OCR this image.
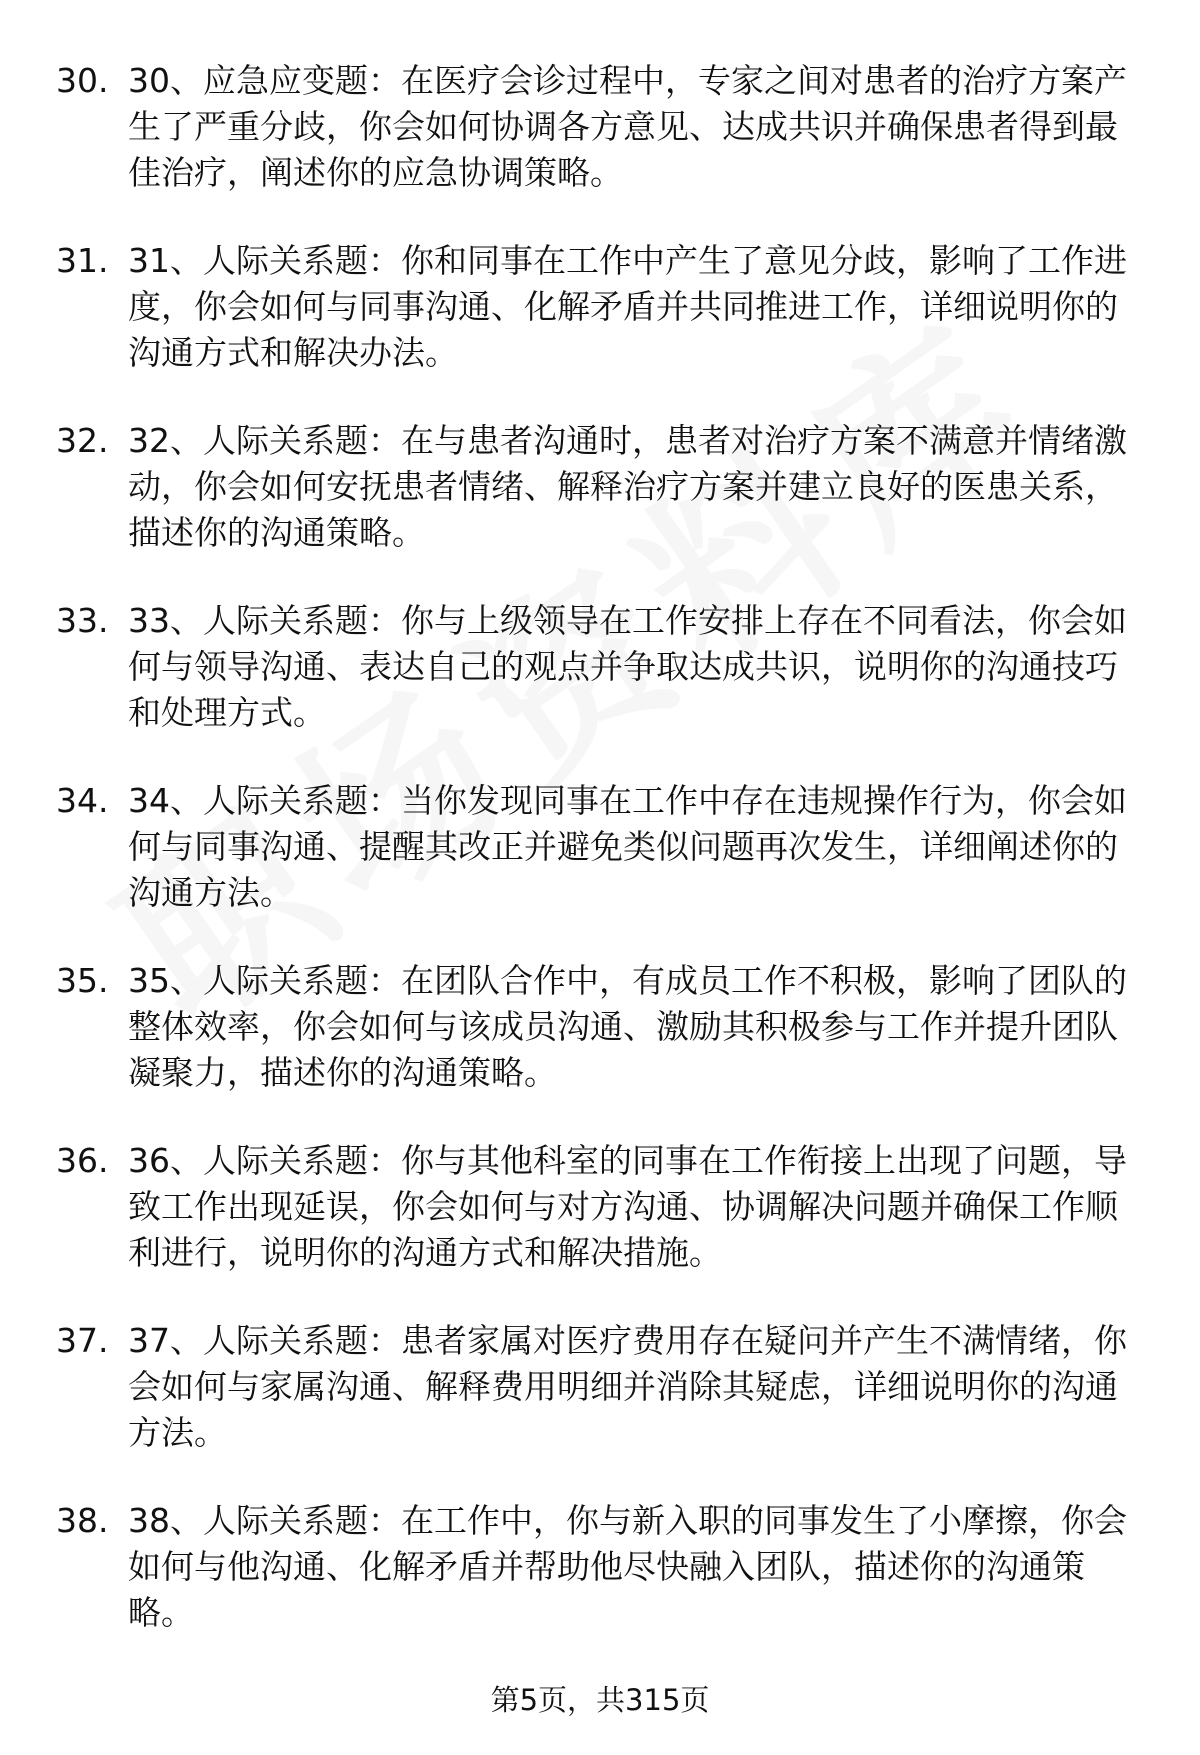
30. 30、应急应变题：在医疗会诊过程中，专家之间对患者的治疗方案产生了严重分歧，你会如何协调各方意见、达成共识并确保患者得到最佳治疗，阐述你的应急协调策略。
31. 31、人际关系题：你和同事在工作中产生了意见分歧，影响了工作进度，你会如何与同事沟通、化解矛盾并共同推进工作，详细说明你的沟通方式和解决办法。
32. 32、人际关系题：在与患者沟通时，患者对治疗方案不满意并情绪激动，你会如何安抚患者情绪、解释治疗方案并建立良好的医患关系，描述你的沟通策略。
33. 33、人际关系题：你与上级领导在工作安排上存在不同看法，你会如何与领导沟通、表达自己的观点并争取达成共识，说明你的沟通技巧和处理方式。
34. 34、人际关系题：当你发现同事在工作中存在违规操作行为，你会如何与同事沟通、提醒其改正并避免类似问题再次发生，详细阐述你的沟通方法。
35. 35、人际关系题：在团队合作中，有成员工作不积极，影响了团队的整体效率，你会如何与该成员沟通、激励其积极参与工作并提升团队凝聚力，描述你的沟通策略。
36. 36、人际关系题：你与其他科室的同事在工作衔接上出现了问题，导致工作出现延误，你会如何与对方沟通、协调解决问题并确保工作顺利进行，说明你的沟通方式和解决措施。
37. 37、人际关系题：患者家属对医疗费用存在疑问并产生不满情绪，你会如何与家属沟通、解释费用明细并消除其疑虑，详细说明你的沟通方法。
38. 38、人际关系题：在工作中，你与新入职的同事发生了小摩擦，你会如何与他沟通、化解矛盾并帮助他尽快融入团队，描述你的沟通策略。
第5页，共315页
